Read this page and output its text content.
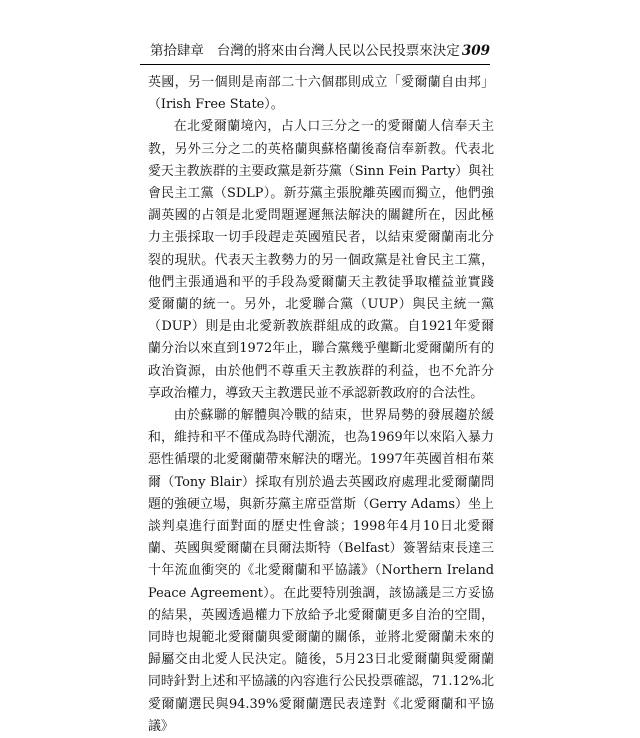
第拾肆章 台灣的將來由台灣人民以公民投票來決定 309

英國，另一個則是南部二十六個郡則成立「愛爾蘭自由邦」（Irish Free State）。

在北愛爾蘭境內，占人口三分之一的愛爾蘭人信奉天主教，另外三分之二的英格蘭與蘇格蘭後裔信奉新教。代表北愛天主教族群的主要政黨是新芬黨（Sinn Fein Party）與社會民主工黨（SDLP）。新芬黨主張脫離英國而獨立，他們強調英國的占領是北愛問題遲遲無法解決的關鍵所在，因此極力主張採取一切手段趕走英國殖民者，以結束愛爾蘭南北分裂的現狀。代表天主教勢力的另一個政黨是社會民主工黨，他們主張通過和平的手段為愛爾蘭天主教徒爭取權益並實踐愛爾蘭的統一。另外，北愛聯合黨（UUP）與民主統一黨（DUP）則是由北愛新教族群組成的政黨。自1921年愛爾蘭分治以來直到1972年止，聯合黨幾乎壟斷北愛爾蘭所有的政治資源，由於他們不尊重天主教族群的利益，也不允許分享政治權力，導致天主教選民並不承認新教政府的合法性。

由於蘇聯的解體與冷戰的結束，世界局勢的發展趨於緩和，維持和平不僅成為時代潮流，也為1969年以來陷入暴力惡性循環的北愛爾蘭帶來解決的曙光。1997年英國首相布萊爾（Tony Blair）採取有別於過去英國政府處理北愛爾蘭問題的強硬立場，與新芬黨主席亞當斯（Gerry Adams）坐上談判桌進行面對面的歷史性會談；1998年4月10日北愛爾蘭、英國與愛爾蘭在貝爾法斯特（Belfast）簽署結束長達三十年流血衝突的《北愛爾蘭和平協議》（Northern Ireland Peace Agreement）。在此要特別強調，該協議是三方妥協的結果，英國透過權力下放給予北愛爾蘭更多自治的空間，同時也規範北愛爾蘭與愛爾蘭的關係，並將北愛爾蘭未來的歸屬交由北愛人民決定。隨後，5月23日北愛爾蘭與愛爾蘭同時針對上述和平協議的內容進行公民投票確認，71.12%北愛爾蘭選民與94.39%愛爾蘭選民表達對《北愛爾蘭和平協議》
